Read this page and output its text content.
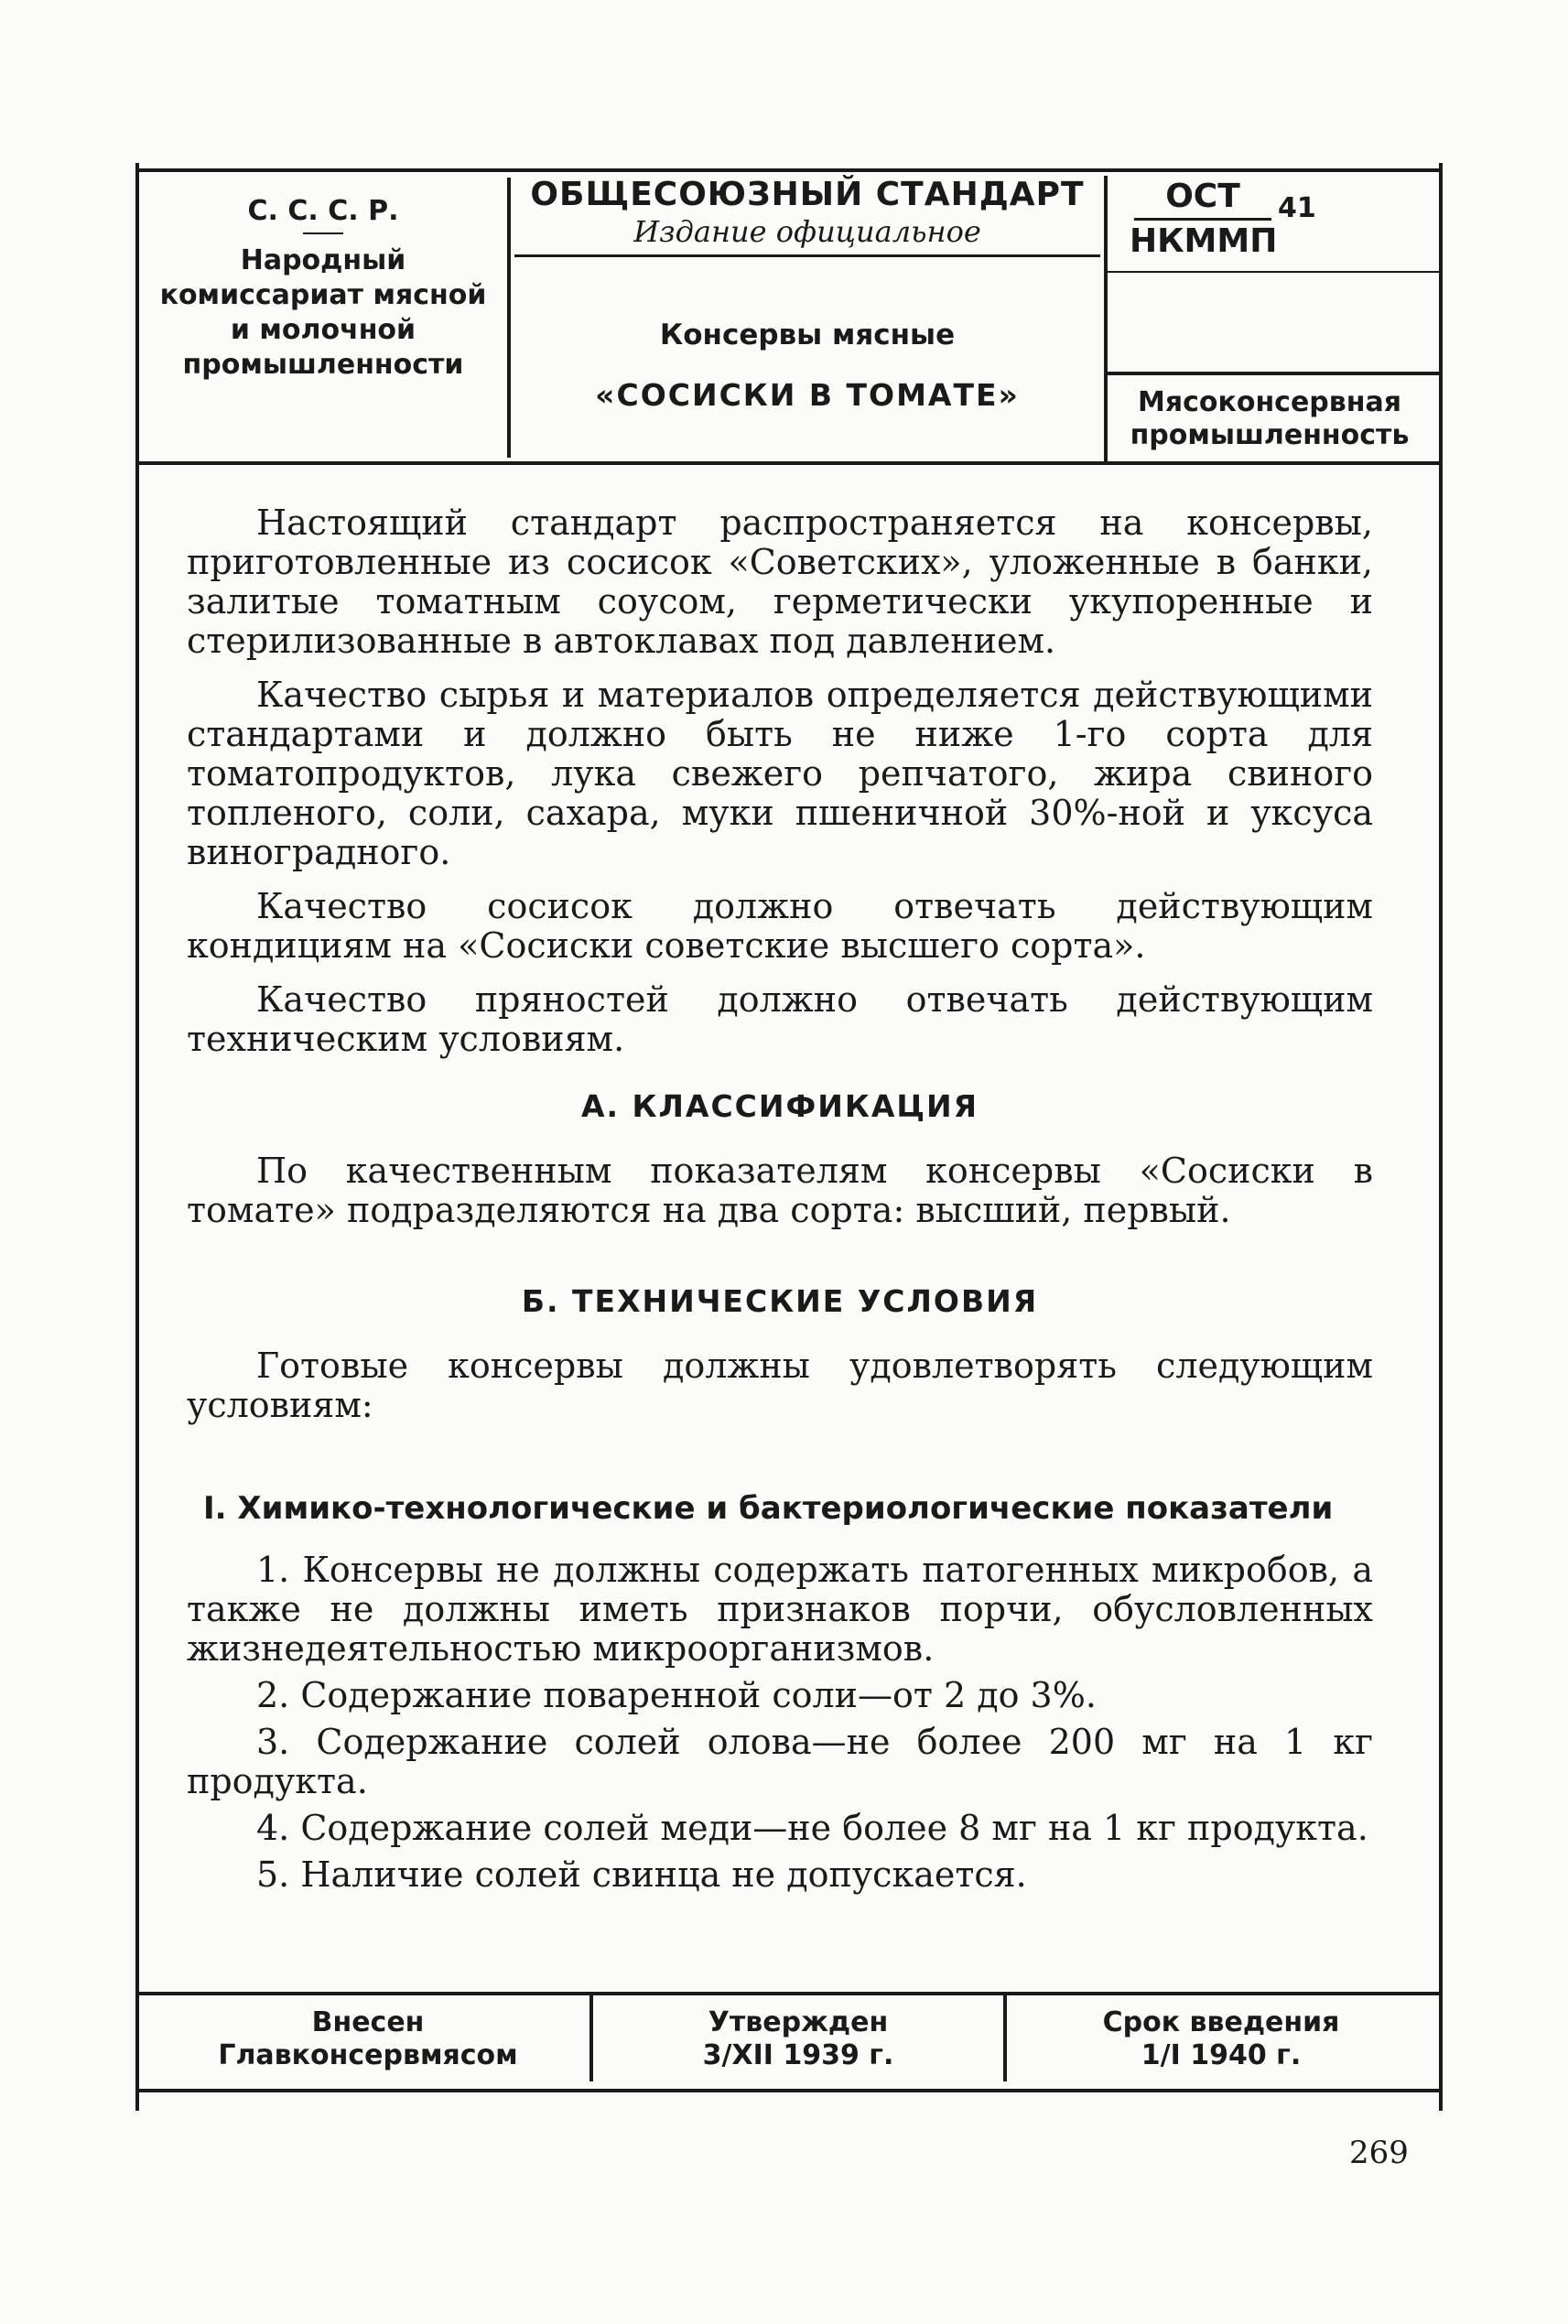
С. С. С. Р.
Народный
комиссариат мясной
и молочной
промышленности
ОБЩЕСОЮЗНЫЙ СТАНДАРТ
Издание официальное
Консервы мясные
«СОСИСКИ В ТОМАТЕ»
ОСТ
НКММП
41
Мясоконсервная
промышленность

Настоящий стандарт распространяется на консервы, приготовленные из сосисок «Советских», уложенные в банки, залитые томатным соусом, герметически укупоренные и стерилизованные в автоклавах под давлением.

Качество сырья и материалов определяется действующими стандартами и должно быть не ниже 1-го сорта для томатопродуктов, лука свежего репчатого, жира свиного топленого, соли, сахара, муки пшеничной 30%-ной и уксуса виноградного.

Качество сосисок должно отвечать действующим кондициям на «Сосиски советские высшего сорта».

Качество пряностей должно отвечать действующим техническим условиям.

А. КЛАССИФИКАЦИЯ

По качественным показателям консервы «Сосиски в томате» подразделяются на два сорта: высший, первый.

Б. ТЕХНИЧЕСКИЕ УСЛОВИЯ

Готовые консервы должны удовлетворять следующим условиям:

I. Химико-технологические и бактериологические показатели

1. Консервы не должны содержать патогенных микробов, а также не должны иметь признаков порчи, обусловленных жизнедеятельностью микроорганизмов.

2. Содержание поваренной соли—от 2 до 3%.

3. Содержание солей олова—не более 200 мг на 1 кг продукта.

4. Содержание солей меди—не более 8 мг на 1 кг продукта.

5. Наличие солей свинца не допускается.

Внесен
Главконсервмясом
Утвержден
3/XII 1939 г.
Срок введения
1/I 1940 г.
269
